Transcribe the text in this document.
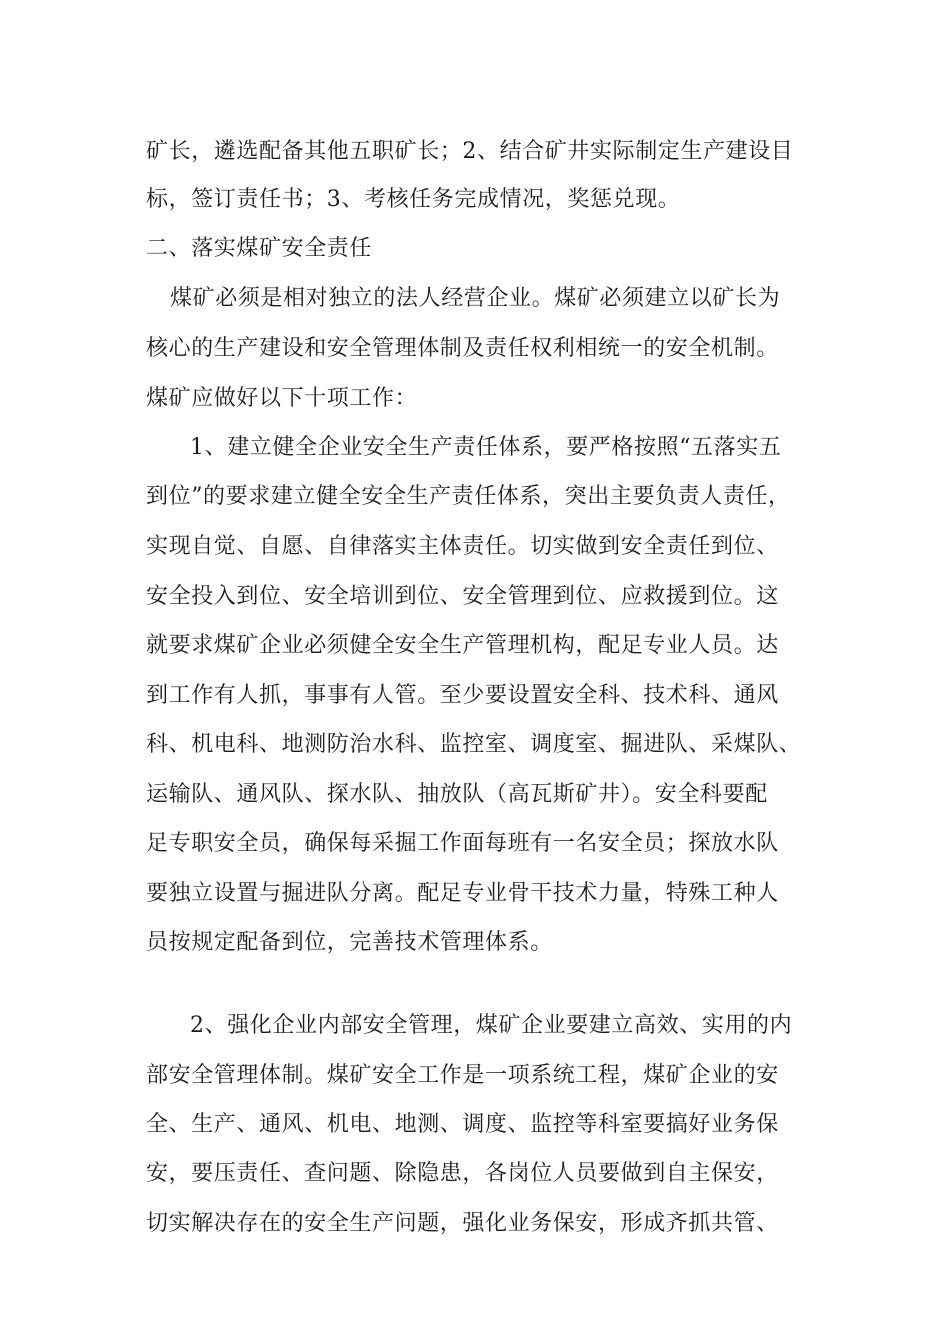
矿长，遴选配备其他五职矿长；2、结合矿井实际制定生产建设目
标，签订责任书；3、考核任务完成情况，奖惩兑现。
二、落实煤矿安全责任
煤矿必须是相对独立的法人经营企业。煤矿必须建立以矿长为
核心的生产建设和安全管理体制及责任权利相统一的安全机制。
煤矿应做好以下十项工作：
1、建立健全企业安全生产责任体系，要严格按照“五落实五
到位”的要求建立健全安全生产责任体系，突出主要负责人责任，
实现自觉、自愿、自律落实主体责任。切实做到安全责任到位、
安全投入到位、安全培训到位、安全管理到位、应救援到位。这
就要求煤矿企业必须健全安全生产管理机构，配足专业人员。达
到工作有人抓，事事有人管。至少要设置安全科、技术科、通风
科、机电科、地测防治水科、监控室、调度室、掘进队、采煤队、
运输队、通风队、探水队、抽放队（高瓦斯矿井）。安全科要配
足专职安全员，确保每采掘工作面每班有一名安全员；探放水队
要独立设置与掘进队分离。配足专业骨干技术力量，特殊工种人
员按规定配备到位，完善技术管理体系。
2、强化企业内部安全管理，煤矿企业要建立高效、实用的内
部安全管理体制。煤矿安全工作是一项系统工程，煤矿企业的安
全、生产、通风、机电、地测、调度、监控等科室要搞好业务保
安，要压责任、查问题、除隐患，各岗位人员要做到自主保安，
切实解决存在的安全生产问题，强化业务保安，形成齐抓共管、
